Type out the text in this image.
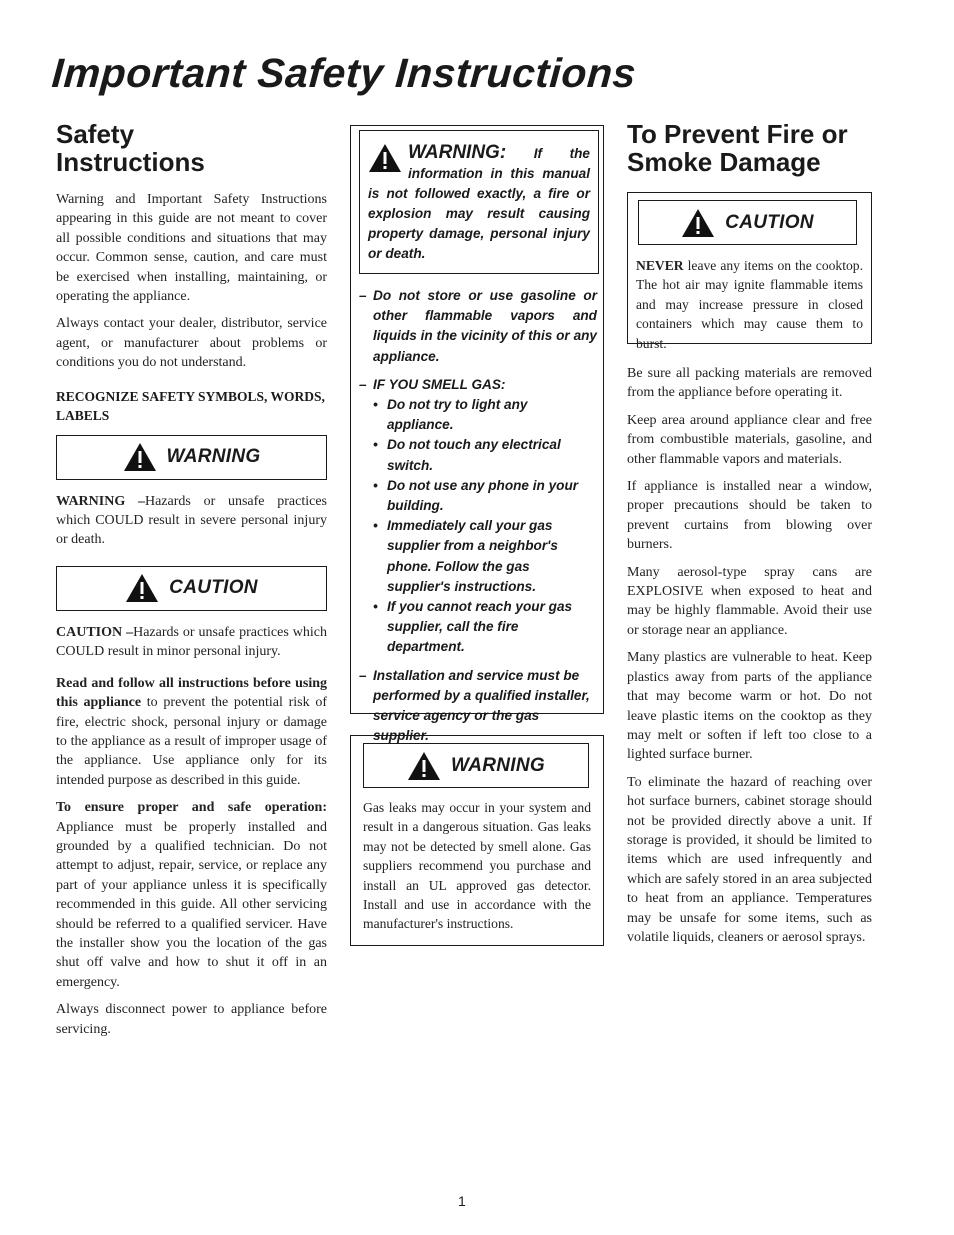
Important Safety Instructions
Safety Instructions

Warning and Important Safety Instructions appearing in this guide are not meant to cover all possible conditions and situations that may occur. Common sense, caution, and care must be exercised when installing, maintaining, or operating the appliance.

Always contact your dealer, distributor, service agent, or manufacturer about problems or conditions you do not understand.

RECOGNIZE SAFETY SYMBOLS, WORDS, LABELS

WARNING

WARNING –Hazards or unsafe practices which COULD result in severe personal injury or death.

CAUTION

CAUTION –Hazards or unsafe practices which COULD result in minor personal injury.

Read and follow all instructions before using this appliance to prevent the potential risk of fire, electric shock, personal injury or damage to the appliance as a result of improper usage of the appliance. Use appliance only for its intended purpose as described in this guide.

To ensure proper and safe operation: Appliance must be properly installed and grounded by a qualified technician. Do not attempt to adjust, repair, service, or replace any part of your appliance unless it is specifically recommended in this guide. All other servicing should be referred to a qualified servicer. Have the installer show you the location of the gas shut off valve and how to shut it off in an emergency.

Always disconnect power to appliance before servicing.

WARNING: If the information in this manual is not followed exactly, a fire or explosion may result causing property damage, personal injury or death.
– Do not store or use gasoline or other flammable vapors and liquids in the vicinity of this or any appliance.
– IF YOU SMELL GAS:
• Do not try to light any appliance.
• Do not touch any electrical switch.
• Do not use any phone in your building.
• Immediately call your gas supplier from a neighbor's phone. Follow the gas supplier's instructions.
• If you cannot reach your gas supplier, call the fire department.
– Installation and service must be performed by a qualified installer, service agency or the gas supplier.
WARNING

Gas leaks may occur in your system and result in a dangerous situation. Gas leaks may not be detected by smell alone. Gas suppliers recommend you purchase and install an UL approved gas detector. Install and use in accordance with the manufacturer's instructions.

To Prevent Fire or Smoke Damage
CAUTION

NEVER leave any items on the cooktop. The hot air may ignite flammable items and may increase pressure in closed containers which may cause them to burst.

Be sure all packing materials are removed from the appliance before operating it.

Keep area around appliance clear and free from combustible materials, gasoline, and other flammable vapors and materials.

If appliance is installed near a window, proper precautions should be taken to prevent curtains from blowing over burners.

Many aerosol-type spray cans are EXPLOSIVE when exposed to heat and may be highly flammable. Avoid their use or storage near an appliance.

Many plastics are vulnerable to heat. Keep plastics away from parts of the appliance that may become warm or hot. Do not leave plastic items on the cooktop as they may melt or soften if left too close to a lighted surface burner.

To eliminate the hazard of reaching over hot surface burners, cabinet storage should not be provided directly above a unit. If storage is provided, it should be limited to items which are used infrequently and which are safely stored in an area subjected to heat from an appliance. Temperatures may be unsafe for some items, such as volatile liquids, cleaners or aerosol sprays.

1
